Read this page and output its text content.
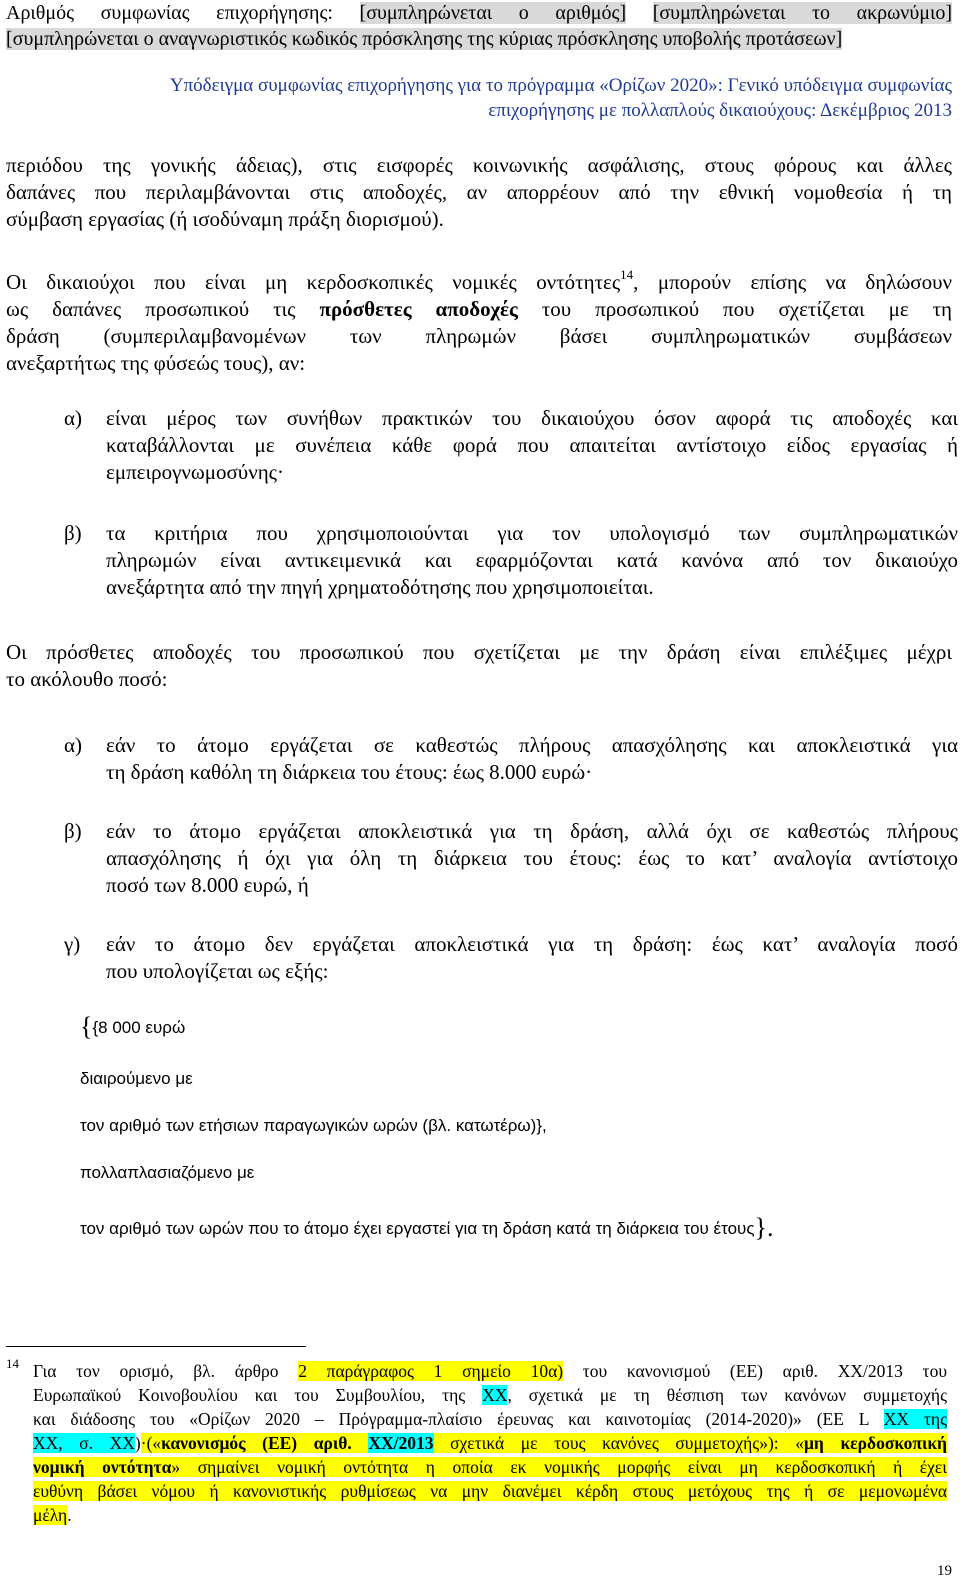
Αριθμός συμφωνίας επιχορήγησης: [συμπληρώνεται ο αριθμός] [συμπληρώνεται το ακρωνύμιο]
[συμπληρώνεται ο αναγνωριστικός κωδικός πρόσκλησης της κύριας πρόσκλησης υποβολής προτάσεων]
Υπόδειγμα συμφωνίας επιχορήγησης για το πρόγραμμα «Ορίζων 2020»: Γενικό υπόδειγμα συμφωνίας
επιχορήγησης με πολλαπλούς δικαιούχους: Δεκέμβριος 2013
περιόδου της γονικής άδειας), στις εισφορές κοινωνικής ασφάλισης, στους φόρους και άλλες
δαπάνες που περιλαμβάνονται στις αποδοχές, αν απορρέουν από την εθνική νομοθεσία ή τη
σύμβαση εργασίας (ή ισοδύναμη πράξη διορισμού).
Οι δικαιούχοι που είναι μη κερδοσκοπικές νομικές οντότητες$^{14}$, μπορούν επίσης να δηλώσουν
ως δαπάνες προσωπικού τις πρόσθετες αποδοχές του προσωπικού που σχετίζεται με τη
δράση (συμπεριλαμβανομένων των πληρωμών βάσει συμπληρωματικών συμβάσεων
ανεξαρτήτως της φύσεώς τους), αν:
α) είναι μέρος των συνήθων πρακτικών του δικαιούχου όσον αφορά τις αποδοχές και
καταβάλλονται με συνέπεια κάθε φορά που απαιτείται αντίστοιχο είδος εργασίας ή
εμπειρογνωμοσύνης·
β) τα κριτήρια που χρησιμοποιούνται για τον υπολογισμό των συμπληρωματικών
πληρωμών είναι αντικειμενικά και εφαρμόζονται κατά κανόνα από τον δικαιούχο
ανεξάρτητα από την πηγή χρηματοδότησης που χρησιμοποιείται.
Οι πρόσθετες αποδοχές του προσωπικού που σχετίζεται με την δράση είναι επιλέξιμες μέχρι
το ακόλουθο ποσό:
α) εάν το άτομο εργάζεται σε καθεστώς πλήρους απασχόλησης και αποκλειστικά για
τη δράση καθόλη τη διάρκεια του έτους: έως 8.000 ευρώ·
β) εάν το άτομο εργάζεται αποκλειστικά για τη δράση, αλλά όχι σε καθεστώς πλήρους
απασχόλησης ή όχι για όλη τη διάρκεια του έτους: έως το κατ’ αναλογία αντίστοιχο
ποσό των 8.000 ευρώ, ή
γ) εάν το άτομο δεν εργάζεται αποκλειστικά για τη δράση: έως κατ’ αναλογία ποσό
που υπολογίζεται ως εξής:
{{8 000 ευρώ
διαιρούμενο με
τον αριθμό των ετήσιων παραγωγικών ωρών (βλ. κατωτέρω)},
πολλαπλασιαζόμενο με
τον αριθμό των ωρών που το άτομο έχει εργαστεί για τη δράση κατά τη διάρκεια του έτους}.
14 Για τον ορισμό, βλ. άρθρο 2 παράγραφος 1 σημείο 10α) του κανονισμού (ΕΕ) αριθ. ΧΧ/2013 του
Ευρωπαϊκού Κοινοβουλίου και του Συμβουλίου, της ΧΧ, σχετικά με τη θέσπιση των κανόνων συμμετοχής
και διάδοσης του «Ορίζων 2020 – Πρόγραμμα-πλαίσιο έρευνας και καινοτομίας (2014-2020)» (ΕΕ L ΧΧ της
ΧΧ, σ. ΧΧ)·(«κανονισμός (ΕΕ) αριθ. ΧΧ/2013 σχετικά με τους κανόνες συμμετοχής»): «μη κερδοσκοπική
νομική οντότητα» σημαίνει νομική οντότητα η οποία εκ νομικής μορφής είναι μη κερδοσκοπική ή έχει
ευθύνη βάσει νόμου ή κανονιστικής ρυθμίσεως να μην διανέμει κέρδη στους μετόχους της ή σε μεμονωμένα
μέλη.
19
